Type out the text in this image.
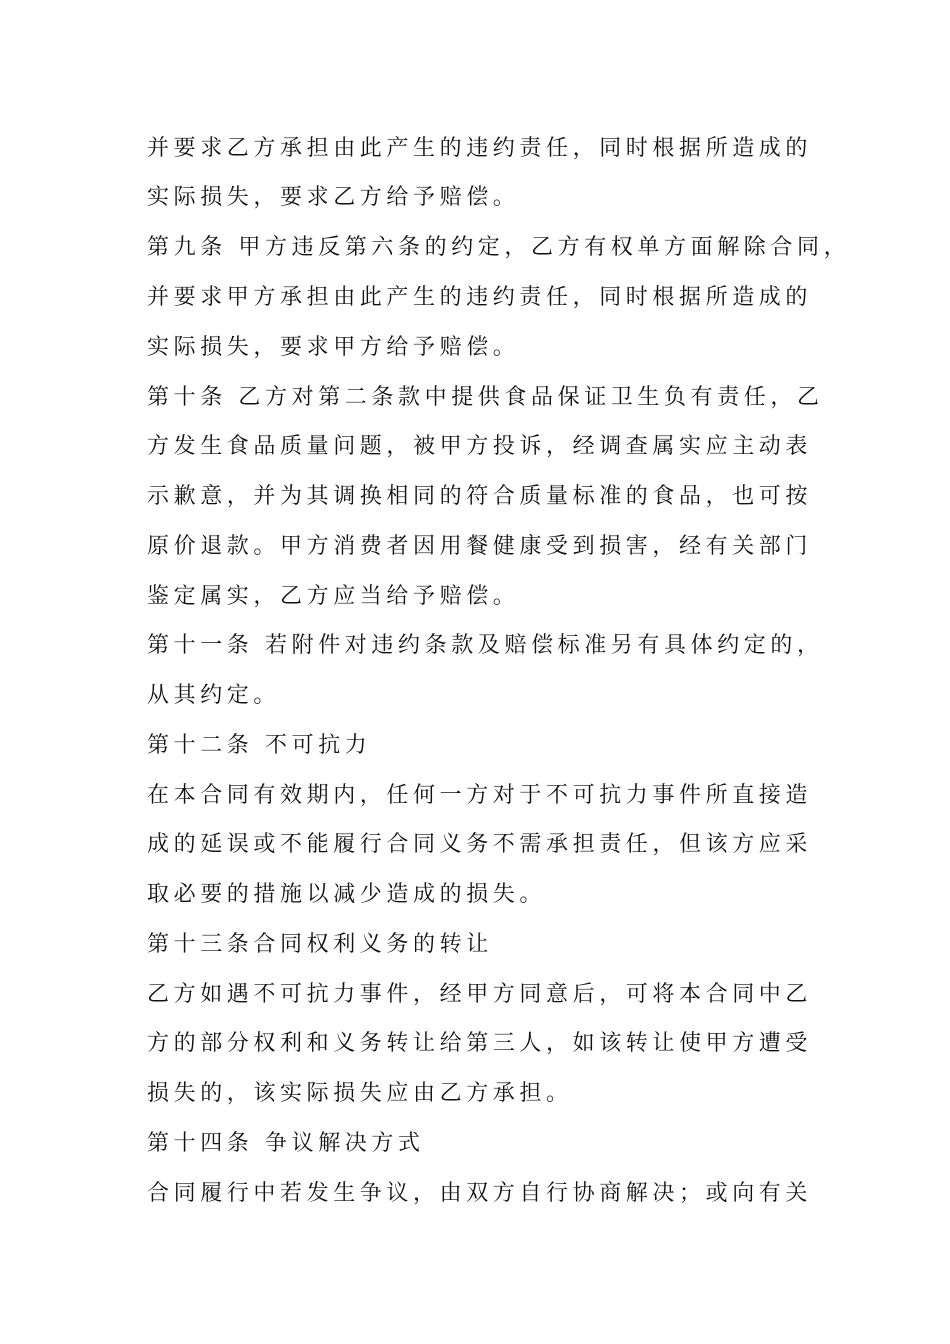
并要求乙方承担由此产生的违约责任，同时根据所造成的
实际损失，要求乙方给予赔偿。
第九条 甲方违反第六条的约定，乙方有权单方面解除合同，
并要求甲方承担由此产生的违约责任，同时根据所造成的
实际损失，要求甲方给予赔偿。
第十条 乙方对第二条款中提供食品保证卫生负有责任，乙
方发生食品质量问题，被甲方投诉，经调查属实应主动表
示歉意，并为其调换相同的符合质量标准的食品，也可按
原价退款。甲方消费者因用餐健康受到损害，经有关部门
鉴定属实，乙方应当给予赔偿。
第十一条 若附件对违约条款及赔偿标准另有具体约定的，
从其约定。
第十二条 不可抗力
在本合同有效期内，任何一方对于不可抗力事件所直接造
成的延误或不能履行合同义务不需承担责任，但该方应采
取必要的措施以减少造成的损失。
第十三条合同权利义务的转让
乙方如遇不可抗力事件，经甲方同意后，可将本合同中乙
方的部分权利和义务转让给第三人，如该转让使甲方遭受
损失的，该实际损失应由乙方承担。
第十四条 争议解决方式
合同履行中若发生争议，由双方自行协商解决；或向有关
